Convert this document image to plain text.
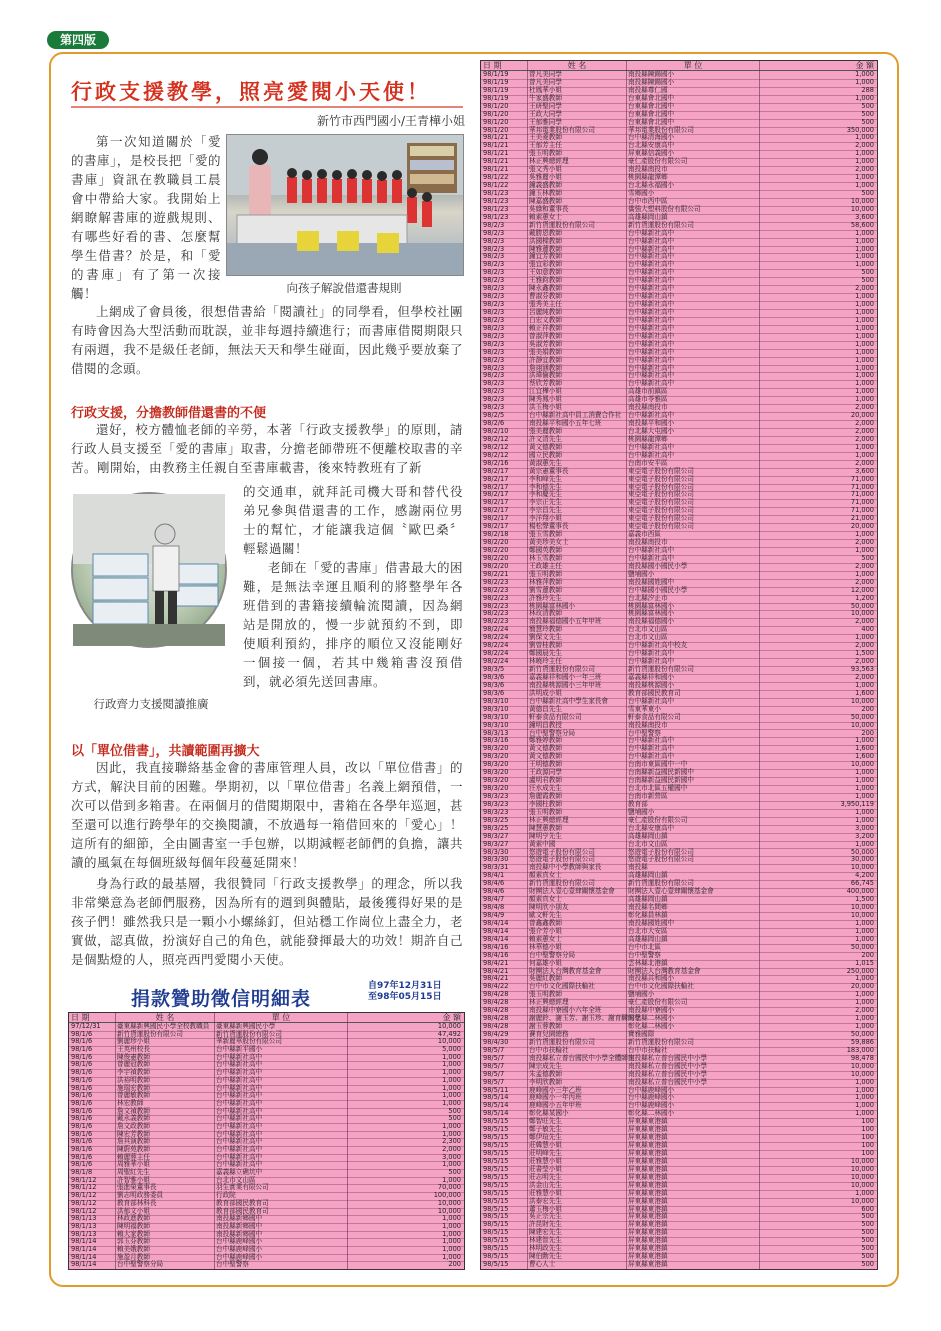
第四版
行政支援教學，照亮愛閱小天使！
新竹市西門國小/王青樺小姐
第一次知道關於「愛的書庫」，是校長把「愛的書庫」資訊在教職員工晨會中帶給大家。我開始上網瞭解書庫的遊戲規則、有哪些好看的書、怎麼幫學生借書？於是，和「愛的書庫」有了第一次接觸！	向孩子解說借還書規則
上網成了會員後，很想借書給「閱讀社」的同學看，但學校社團有時會因為大型活動而耽誤，並非每週持續進行；而書庫借閱期限只有兩週，我不是級任老師，無法天天和學生碰面，因此幾乎要放棄了借閱的念頭。
行政支援，分擔教師借還書的不便
還好，校方體恤老師的辛勞，本著「行政支援教學」的原則，請行政人員支援至「愛的書庫」取書，分擔老師帶班不便離校取書的辛苦。剛開始，由教務主任親自至書庫載書，後來特教班有了新
行政齊力支援閱讀推廣
的交通車，就拜託司機大哥和替代役弟兄參與借還書的工作，感謝兩位男士的幫忙，才能讓我這個〝歐巴桑〞輕鬆過關！
老師在「愛的書庫」借書最大的困難，是無法幸運且順利的將整學年各班借到的書籍接續輪流閱讀，因為網站是開放的，慢一步就預約不到，即使順利預約，排序的順位又沒能剛好一個接一個，若其中幾箱書沒預借到，就必須先送回書庫。
以「單位借書」，共讀範圍再擴大
因此，我直接聯絡基金會的書庫管理人員，改以「單位借書」的方式，解決目前的困難。學期初，以「單位借書」名義上網預借，一次可以借到多箱書。在兩個月的借閱期限中，書箱在各學年巡迴，甚至還可以進行跨學年的交換閱讀，不放過每一箱借回來的「愛心」！這所有的細節，全由圖書室一手包辦，以期減輕老師們的負擔，讓共讀的風氣在每個班級每個年段蔓延開來！
身為行政的最基層，我很贊同「行政支援教學」的理念，所以我非常樂意為老師們服務，因為所有的週到與體貼，最後獲得好果的是孩子們！雖然我只是一顆小小螺絲釘，但站穩工作崗位上盡全力，老實做，認真做，扮演好自己的角色，就能發揮最大的功效！期許自己是個點燈的人，照亮西門愛閱小天使。
捐款贊助徵信明細表
自97年12月31日
至98年05月15日
日 期	姓 名	單 位	金 額
97/12/31	臺東縣新興國民小學全校教職員	臺東縣新興國民小學	10,000
98/1/6	新竹貨運股份有限公司	新竹貨運股份有限公司	47,492
98/1/6	劉麗珍小姐	華新麗華股份有限公司	10,000
98/1/6	王英州校長	台中縣新平國小	5,000
98/1/6	陳俊憲教師	台中縣新社高中	1,000
98/1/6	曾麗冠教師	台中縣新社高中	1,000
98/1/6	李宇禎教師	台中縣新社高中	1,000
98/1/6	洪裕明教師	台中縣新社高中	1,000
98/1/6	施瑞宏教師	台中縣新社高中	1,000
98/1/6	曾麗敏教師	台中縣新社高中	1,000
98/1/6	林宏教師	台中縣新社高中	1,000
98/1/6	詹文禎教師	台中縣新社高中	500
98/1/6	戴永義教師	台中縣新社高中	500
98/1/6	詹文政教師	台中縣新社高中	1,000
98/1/6	陳宏芳教師	台中縣新社高中	1,000
98/1/6	詹其演教師	台中縣新社高中	2,300
98/1/6	陳蔚苑教師	台中縣新社高中	2,000
98/1/6	賴麗蓉主任	台中縣新社高中	3,000
98/1/6	周雅華小姐	台中縣新社高中	1,000
98/1/8	周聖紅先生	嘉義縣立礁坑中	500
98/1/12	許智雅小姐	台北市文山區	1,000
98/1/12	張進榮董事長	羽生實業有限公司	70,000
98/1/12	劉志明政務委員	行政院	100,000
98/1/12	教育部林科長	教育部國民教育司	10,000
98/1/12	洪郁文小姐	教育部國民教育司	10,000
98/1/13	林政進教師	南投縣新鄉國中	1,000
98/1/13	陳明福教師	南投縣新鄉國中	1,000
98/1/13	賴大家教師	南投縣新鄉國中	1,000
98/1/14	郭玉芬教師	台中縣鹿峰國小	1,000
98/1/14	賴美娥教師	台中縣鹿峰國小	1,000
98/1/14	施盈月教師	台中縣鹿峰國小	1,000
98/1/14	台中聖警察分局	台中聖警察	200
日 期	姓 名	單 位	金 額
98/1/19	曾凡美同學	南投縣陳錫國小	1,000
98/1/19	曾凡美同學	南投縣陳錫國小	1,000
98/1/19	杜鳳華小姐	南投縣尊仁國	288
98/1/19	牛家盛教師	台東縣會北國中	1,000
98/1/20	王研聖同學	台東縣會北國中	500
98/1/20	王政大同學	台東縣會北國中	500
98/1/20	王郁雅同學	台東縣會北國中	500
98/1/20	華邦電業股份有限公司	華邦電業股份有限公司	350,000
98/1/21	王美菱教師	台中縣清海國小	1,000
98/1/21	王郁芳主任	台北縣安康高中	2,000
98/1/21	張玉明教師	屏東縣信義國小	1,000
98/1/21	林正興總經理	豪仁產股份有限公司	1,000
98/1/21	張文秀小姐	南投縣南投市	2,000
98/1/22	吳雅麗小姐	桃園縣龍潭鄉	1,000
98/1/22	鐘義盛教師	台北縣永福國小	1,000
98/1/23	鐘玉林教師	雪鄉國小	500
98/1/23	陳嘉盛教師	台中市西中區	10,000
98/1/23	吳綠和董事長	僑強大塑料股份有限公司	10,000
98/1/23	賴素蕙女士	高雄縣岡山鎮	3,600
98/2/3	新竹貨運股份有限公司	新竹貨運股份有限公司	58,600
98/2/3	戴勝恩教師	台中縣新社高中	1,000
98/2/3	洪國樑教師	台中縣新社高中	1,000
98/2/3	陳雅蓮教師	台中縣新社高中	1,000
98/2/3	鐘宜芳教師	台中縣新社高中	1,000
98/2/3	張宜彩教師	台中縣新社高中	1,000
98/2/3	王如意教師	台中縣新社高中	500
98/2/3	王雅鈞教師	台中縣新社高中	500
98/2/3	陳永鑫教師	台中縣新社高中	2,000
98/2/3	曹淑芬教師	台中縣新社高中	1,000
98/2/3	張秀美主任	台中縣新社高中	1,000
98/2/3	呂麗純教師	台中縣新社高中	1,000
98/2/3	白宏文教師	台中縣新社高中	1,000
98/2/3	賴正祥教師	台中縣新社高中	1,000
98/2/3	曾淑萍教師	台中縣新社高中	1,000
98/2/3	吳淑芳教師	台中縣新社高中	1,000
98/2/3	張美娟教師	台中縣新社高中	1,000
98/2/3	許靜宜教師	台中縣新社高中	1,000
98/2/3	詹翊涵教師	台中縣新社高中	1,000
98/2/3	洪瑋倫教師	台中縣新社高中	1,000
98/2/3	蔡欣芳教師	台中縣新社高中	1,000
98/2/3	江宜樺小姐	高雄市前鎮區	1,000
98/2/3	陳秀鳳小姐	高雄市苓雅區	1,000
98/2/3	洪玉梅小姐	南投縣南投市	2,000
98/2/5	台中縣新社高中員工消費合作社	台中縣新社高中	20,000
98/2/6	南投縣平和國小五年七班	南投縣平和國小	2,000
98/2/10	張美麗教師	台北縣大屯國小	2,000
98/2/12	許文清先生	桃園縣龍潭鄉	2,000
98/2/12	黃文德教師	台中縣新社高中	1,000
98/2/12	國立民教師	台中縣新社高中	1,000
98/2/16	黃淑蕙先生	台南市安平區	2,000
98/2/17	黃宗憲董事長	東亞電子股份有限公司	3,600
98/2/17	李和峰先生	東亞電子股份有限公司	71,000
98/2/17	李和德先生	東亞電子股份有限公司	71,000
98/2/17	李和慶先生	東亞電子股份有限公司	71,000
98/2/17	李宗正先生	東亞電子股份有限公司	71,000
98/2/17	李宗昌先生	東亞電子股份有限公司	71,000
98/2/17	李洋翔小姐	東亞電子股份有限公司	21,000
98/2/17	楊松聲董事長	東亞電子股份有限公司	20,000
98/2/18	張玉雪教師	嘉義市西區	1,000
98/2/20	黃美珍美女士	南投縣南投市	2,000
98/2/20	鄭國英教師	台中縣新社高中	1,000
98/2/20	林玉雪教師	台中縣新社高中	500
98/2/20	王政雄主任	南投縣國小國民小學	2,000
98/2/21	張玉明教師	鹽埔國小	1,000
98/2/23	林雅萍教師	南投縣國姓國中	2,000
98/2/23	劉雪蓮教師	台中縣國小國民小學	12,000
98/2/23	許雅玲先生	台北縣汐止市	1,200
98/2/23	桃園縣富林國小	桃園縣富林國小	50,000
98/2/23	林玫清教師	桃園縣富林國小	10,000
98/2/23	南投縣福德國小五年甲班	南投縣福德國小	2,000
98/2/24	簡慧玲教師	台北市文山區	400
98/2/24	劉保文先生	台北市文山區	1,000
98/2/24	劉曾桂教師	台中縣新社高中校友	2,000
98/2/24	鄭國晨先生	台中縣新社高中	1,500
98/2/24	林曉玲主任	台中縣新社高中	2,000
98/3/5	新竹貨運股份有限公司	新竹貨運股份有限公司	93,563
98/3/6	嘉義縣祥和國小一年三班	嘉義縣祥和國小	2,000
98/3/6	南投縣桃源國小三年甲班	南投縣桃源國小	1,000
98/3/6	洪明成小姐	教育部國民教育司	1,600
98/3/10	台中縣新社高中學生家長會	台中縣新社高中	10,000
98/3/10	黃德昌先生	雪東華東小	200
98/3/10	軒泰食品有限公司	軒泰食品有限公司	50,000
98/3/10	鐘明昌教授	南投縣南投市	10,000
98/3/13	台中聖警察分局	台中聖警察	200
98/3/16	鄭雅婷教師	台中縣新社高中	1,000
98/3/20	黃文德教師	台中縣新社高中	1,600
98/3/20	黃文德教師	台中縣新社高中	1,600
98/3/20	王明德教師	台南市東區國中一中	10,000
98/3/20	王政源同學	台南縣新益國民新國中	1,000
98/3/20	盧明君教師	台南縣新益國民新國中	1,000
98/3/20	汪水成先生	台北市北區五權國中	1,000
98/3/23	詹麗霞教師	台南市新營區	1,000
98/3/23	李國柱教師	教育部	3,950,119
98/3/23	張玉明教師	鹽埔國小	1,000
98/3/25	林正興總經理	豪仁產股份有限公司	1,000
98/3/25	陳慧蕙教師	台北縣安康高中	3,000
98/3/27	陳明亨先生	高雄縣岡山鎮	3,200
98/3/27	黃素中國	台北市文山區	1,000
98/3/30	悠遊電子股份有限公司	悠遊電子股份有限公司	50,000
98/3/30	悠遊電子股份有限公司	悠遊電子股份有限公司	30,000
98/3/31	南投縣中小學教師與家長	南投縣	10,000
98/4/1	顏素真女士	高雄縣岡山鎮	4,200
98/4/6	新竹貨運股份有限公司	新竹貨運股份有限公司	66,745
98/4/6	財團法人壹心壹肆關懷基金會	財團法人壹心壹肆關懷基金會	400,000
98/4/7	顏素真女士	高雄縣岡山鎮	1,500
98/4/8	陳明欣小朋友	南投縣名間鄉	10,000
98/4/9	歐文軒先生	彰化縣員林鎮	10,000
98/4/14	曾鑫鑫教師	南投縣國姓國中	1,000
98/4/14	張介芳小姐	台北市大安區	1,000
98/4/14	賴素蕙女士	高雄縣岡山鎮	1,000
98/4/16	林華德小姐	台中市北區	50,000
98/4/16	台中聖警察分局	台中聖警察	200
98/4/21	何嘉雄小姐	雲林縣北港鎮	1,015
98/4/21	財團法人台灣教育基金會	財團法人台灣教育基金會	250,000
98/4/21	吳麗紅教師	南投縣共和國小	1,000
98/4/22	台中市文化國際扶輪社	台中市文化國際扶輪社	20,000
98/4/28	張玉明教師	鹽埔國小	1,000
98/4/28	林正興總經理	豪仁產股份有限公司	1,000
98/4/28	南投縣中寮國小六年全班	南投縣中寮國小	2,000
98/4/28	謝麗鈴、謝玉芳、謝玉珍、謝育麟同學
彰化縣二林國小	1,000
98/4/28	謝玉蓉教師	彰化縣二林國小	1,000
98/4/29	賽育兒園總務	寶雅國際	50,000
98/4/30	新竹貨運股份有限公司	新竹貨運股份有限公司	59,886
98/5/7	台中市扶輪社	台中市扶輪社	183,000
98/5/7	南投縣私立普台國民中小學全體師生
南投縣私立普台國民中小學	98,478
98/5/7	陳宗成先生	南投縣私立普台國民中小學	10,000
98/5/7	朱孟德教師	南投縣私立普台國民中小學	10,000
98/5/7	李明欣教師	南投縣私立普台國民中小學	1,000
98/5/11	鹿峰國小三年乙班	台中縣鹿峰國小	1,000
98/5/14	鹿峰國小一年丙班	台中縣鹿峰國小	1,000
98/5/14	鹿峰國小五年甲班	台中縣鹿峰國小	1,000
98/5/14	彰化縣某國小	彰化縣二林國小	1,000
98/5/15	鄭智旺先生	屏東縣東港鎮	100
98/5/15	鄭子敏先生	屏東縣東港鎮	100
98/5/15	鄭伊瑄先生	屏東縣東港鎮	100
98/5/15	莊韓慧小姐	屏東縣東港鎮	100
98/5/15	莊明峰先生	屏東縣東港鎮	100
98/5/15	莊雅慧小姐	屏東縣東港鎮	10,000
98/5/15	莊書瑩小姐	屏東縣東港鎮	10,000
98/5/15	莊志明先生	屏東縣東港鎮	10,000
98/5/15	洪金山先生	屏東縣東港鎮	10,000
98/5/15	莊雅慧小姐	屏東縣東港鎮	1,000
98/5/15	洪泰宏先生	屏東縣東港鎮	10,000
98/5/15	蕭玉梅小姐	屏東縣東港鎮	600
98/5/15	吳正宗先生	屏東縣東港鎮	500
98/5/15	許昆財先生	屏東縣東港鎮	500
98/5/15	陳建宏先生	屏東縣東港鎮	500
98/5/15	林建智先生	屏東縣東港鎮	500
98/5/15	林明政先生	屏東縣東港鎮	500
98/5/15	陳伯勳先生	屏東縣東港鎮	500
98/5/15	曹心人士	屏東縣東港鎮	500
